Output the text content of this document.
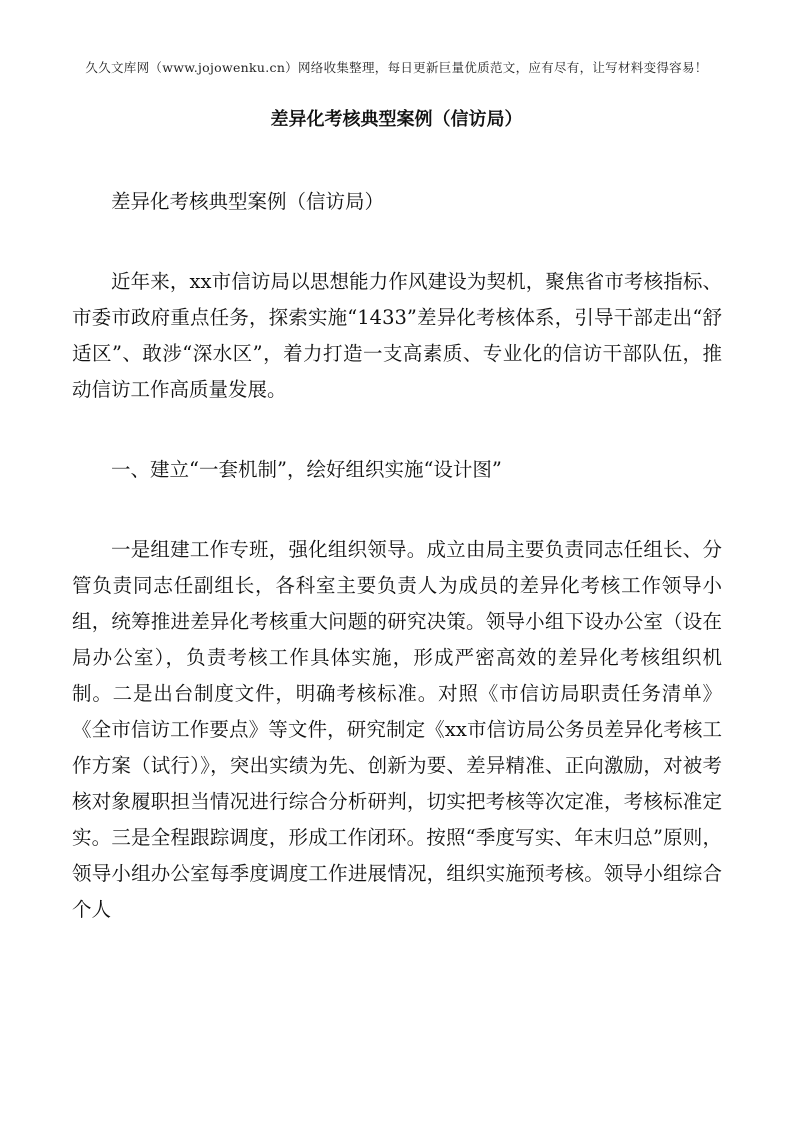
久久文库网（www.jojowenku.cn）网络收集整理，每日更新巨量优质范文，应有尽有，让写材料变得容易！
差异化考核典型案例（信访局）

差异化考核典型案例（信访局）

近年来，xx市信访局以思想能力作风建设为契机，聚焦省市考核指标、市委市政府重点任务，探索实施“1433”差异化考核体系，引导干部走出“舒适区”、敢涉“深水区”，着力打造一支高素质、专业化的信访干部队伍，推动信访工作高质量发展。

一、建立“一套机制”，绘好组织实施“设计图”

一是组建工作专班，强化组织领导。成立由局主要负责同志任组长、分管负责同志任副组长，各科室主要负责人为成员的差异化考核工作领导小组，统筹推进差异化考核重大问题的研究决策。领导小组下设办公室（设在局办公室），负责考核工作具体实施，形成严密高效的差异化考核组织机制。二是出台制度文件，明确考核标准。对照《市信访局职责任务清单》《全市信访工作要点》等文件，研究制定《xx市信访局公务员差异化考核工作方案（试行）》，突出实绩为先、创新为要、差异精准、正向激励，对被考核对象履职担当情况进行综合分析研判，切实把考核等次定准，考核标准定实。三是全程跟踪调度，形成工作闭环。按照“季度写实、年末归总”原则，领导小组办公室每季度调度工作进展情况，组织实施预考核。领导小组综合个人
